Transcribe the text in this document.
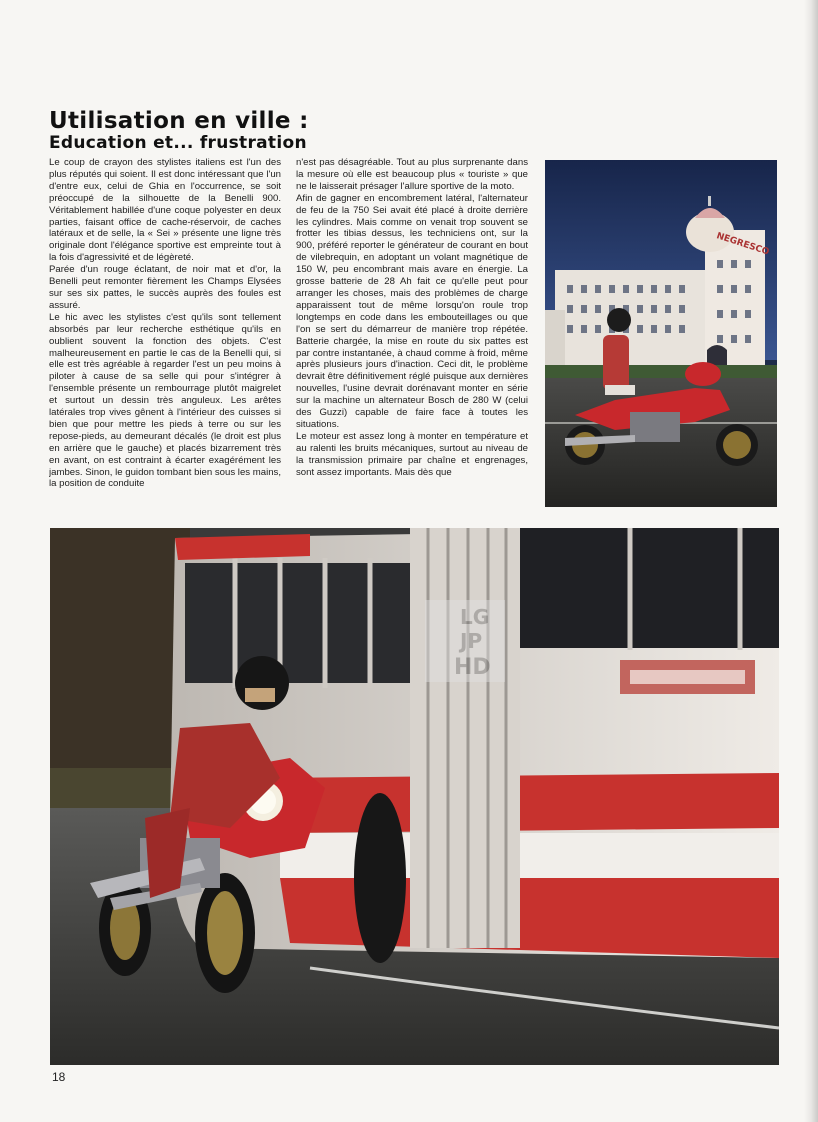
Utilisation en ville :
Education et... frustration

Le coup de crayon des stylistes italiens est l'un des plus réputés qui soient. Il est donc intéressant que l'un d'entre eux, celui de Ghia en l'occurrence, se soit préoccupé de la silhouette de la Benelli 900. Véritablement habillée d'une coque polyester en deux parties, faisant office de cache-réservoir, de caches latéraux et de selle, la « Sei » présente une ligne très originale dont l'élégance sportive est empreinte tout à la fois d'agressivité et de légèreté.

Parée d'un rouge éclatant, de noir mat et d'or, la Benelli peut remonter fièrement les Champs Elysées sur ses six pattes, le succès auprès des foules est assuré.

Le hic avec les stylistes c'est qu'ils sont tellement absorbés par leur recherche esthétique qu'ils en oublient souvent la fonction des objets. C'est malheureusement en partie le cas de la Benelli qui, si elle est très agréable à regarder l'est un peu moins à piloter à cause de sa selle qui pour s'intégrer à l'ensemble présente un rembourrage plutôt maigrelet et surtout un dessin très anguleux. Les arêtes latérales trop vives gênent à l'intérieur des cuisses si bien que pour mettre les pieds à terre ou sur les repose-pieds, au demeurant décalés (le droit est plus en arrière que le gauche) et placés bizarrement très en avant, on est contraint à écarter exagérément les jambes. Sinon, le guidon tombant bien sous les mains, la position de conduite

n'est pas désagréable. Tout au plus surprenante dans la mesure où elle est beaucoup plus « touriste » que ne le laisserait présager l'allure sportive de la moto.

Afin de gagner en encombrement latéral, l'alternateur de feu de la 750 Sei avait été placé à droite derrière les cylindres. Mais comme on venait trop souvent se frotter les tibias dessus, les techniciens ont, sur la 900, préféré reporter le générateur de courant en bout de vilebrequin, en adoptant un volant magnétique de 150 W, peu encombrant mais avare en énergie. La grosse batterie de 28 Ah fait ce qu'elle peut pour arranger les choses, mais des problèmes de charge apparaissent tout de même lorsqu'on roule trop longtemps en code dans les embouteillages ou que l'on se sert du démarreur de manière trop répétée. Batterie chargée, la mise en route du six pattes est par contre instantanée, à chaud comme à froid, même après plusieurs jours d'inaction. Ceci dit, le problème devrait être définitivement réglé puisque aux dernières nouvelles, l'usine devrait dorénavant monter en série sur la machine un alternateur Bosch de 280 W (celui des Guzzi) capable de faire face à toutes les situations.

Le moteur est assez long à monter en température et au ralenti les bruits mécaniques, surtout au niveau de la transmission primaire par chaîne et engrenages, sont assez importants. Mais dès que

NEGRESCO
LG
JP
HD
18
